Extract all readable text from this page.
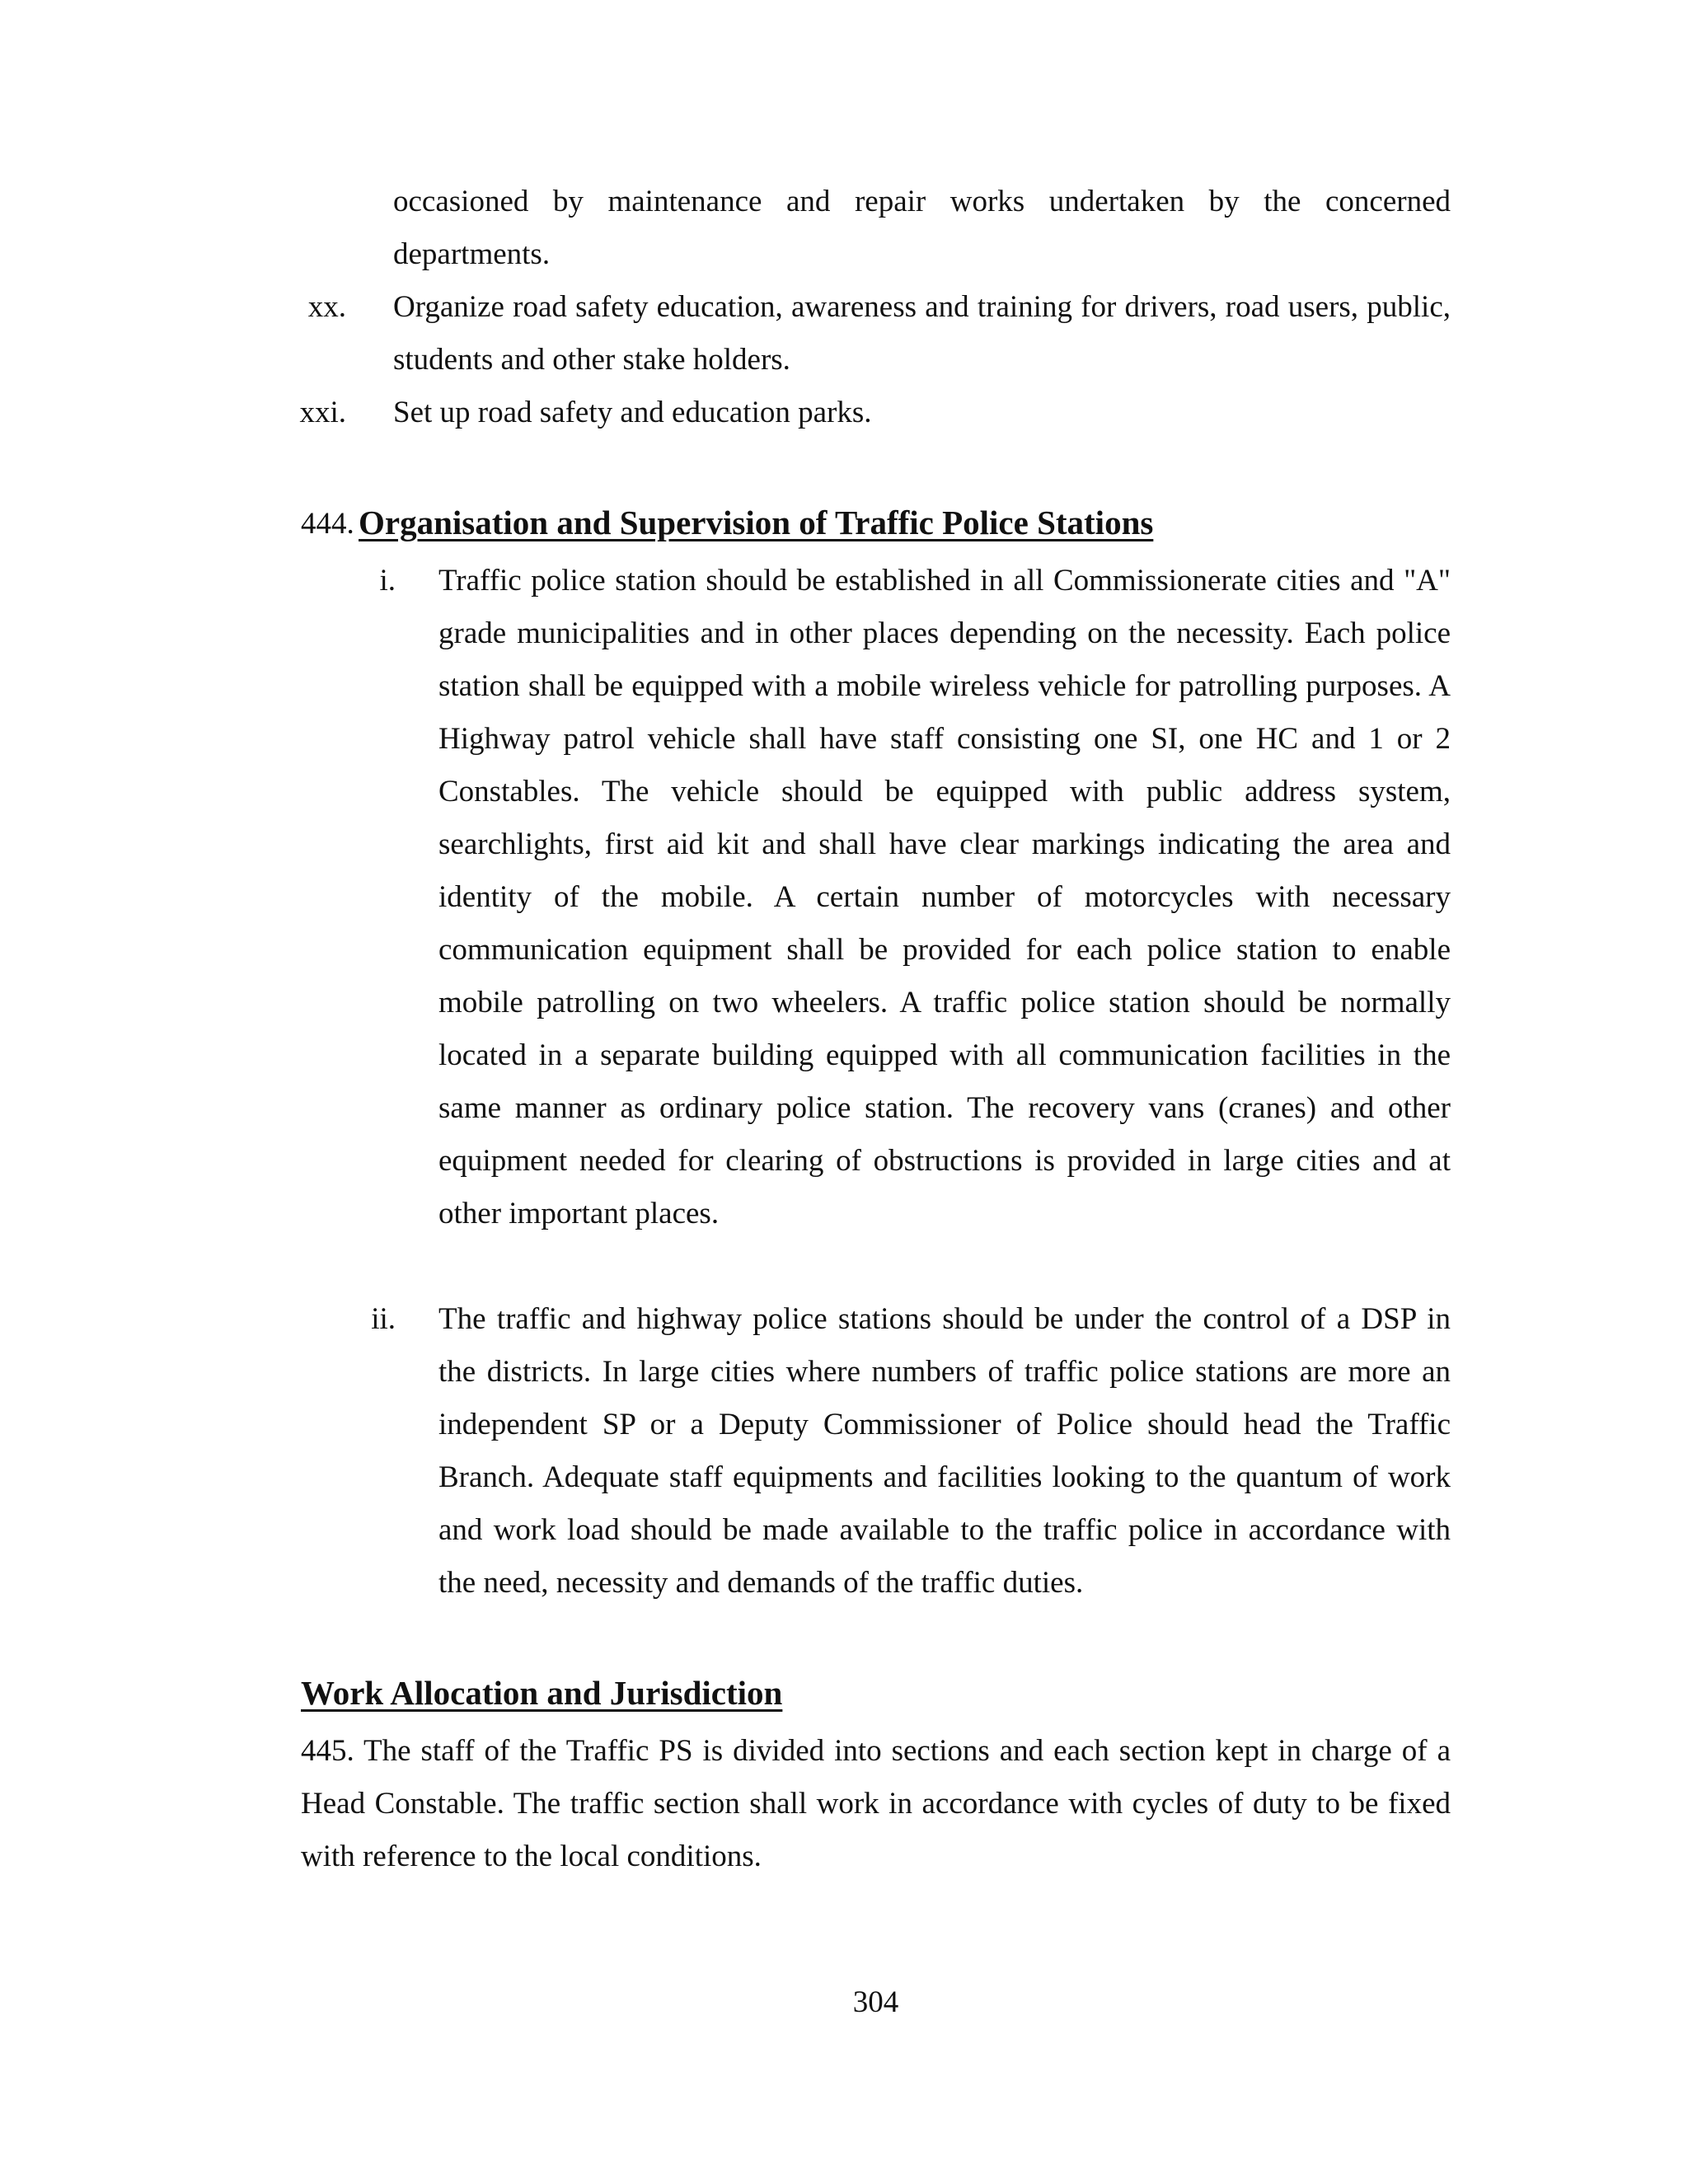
occasioned by maintenance and repair works undertaken by the concerned
departments.
xx. Organize road safety education, awareness and training for drivers, road users, public,
students and other stake holders.
xxi. Set up road safety and education parks.
444. Organisation and Supervision of Traffic Police Stations
i. Traffic police station should be established in all Commissionerate cities and "A"
grade municipalities and in other places depending on the necessity. Each police
station shall be equipped with a mobile wireless vehicle for patrolling purposes. A
Highway patrol vehicle shall have staff consisting one SI, one HC and 1 or 2
Constables. The vehicle should be equipped with public address system,
searchlights, first aid kit and shall have clear markings indicating the area and
identity of the mobile. A certain number of motorcycles with necessary
communication equipment shall be provided for each police station to enable
mobile patrolling on two wheelers. A traffic police station should be normally
located in a separate building equipped with all communication facilities in the
same manner as ordinary police station. The recovery vans (cranes) and other
equipment needed for clearing of obstructions is provided in large cities and at
other important places.
ii. The traffic and highway police stations should be under the control of a DSP in
the districts. In large cities where numbers of traffic police stations are more an
independent SP or a Deputy Commissioner of Police should head the Traffic
Branch. Adequate staff equipments and facilities looking to the quantum of work
and work load should be made available to the traffic police in accordance with
the need, necessity and demands of the traffic duties.
Work Allocation and Jurisdiction
445. The staff of the Traffic PS is divided into sections and each section kept in charge of a
Head Constable. The traffic section shall work in accordance with cycles of duty to be fixed
with reference to the local conditions.
304
